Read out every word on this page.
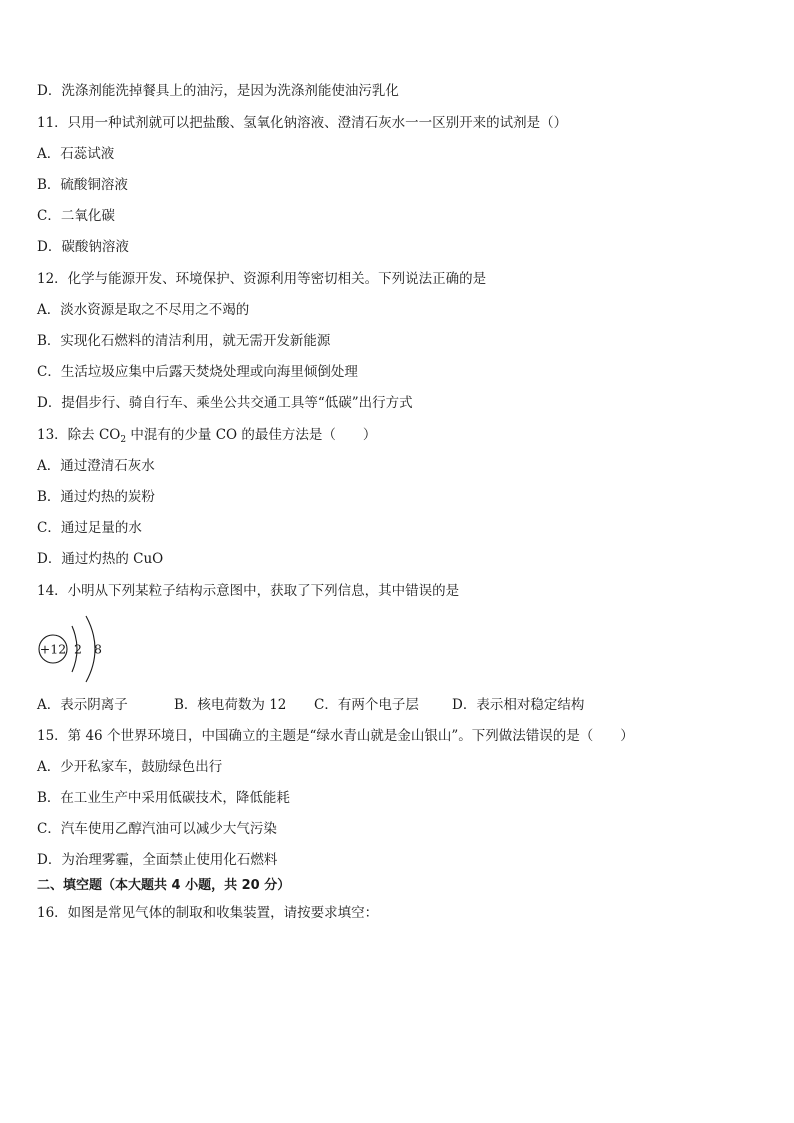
D．洗涤剂能洗掉餐具上的油污，是因为洗涤剂能使油污乳化
11．只用一种试剂就可以把盐酸、氢氧化钠溶液、澄清石灰水一一区别开来的试剂是（）
A．石蕊试液
B．硫酸铜溶液
C．二氧化碳
D．碳酸钠溶液
12．化学与能源开发、环境保护、资源利用等密切相关。下列说法正确的是
A．淡水资源是取之不尽用之不竭的
B．实现化石燃料的清洁利用，就无需开发新能源
C．生活垃圾应集中后露天焚烧处理或向海里倾倒处理
D．提倡步行、骑自行车、乘坐公共交通工具等“低碳”出行方式
13．除去 $CO_2$ 中混有的少量 CO 的最佳方法是（　　）
A．通过澄清石灰水
B．通过灼热的炭粉
C．通过足量的水
D．通过灼热的 CuO
14．小明从下列某粒子结构示意图中，获取了下列信息，其中错误的是
+12 2 8
A．表示阴离子	B．核电荷数为 12 C．有两个电子层 D．表示相对稳定结构
15．第 46 个世界环境日，中国确立的主题是“绿水青山就是金山银山”。下列做法错误的是（　　）
A．少开私家车，鼓励绿色出行
B．在工业生产中采用低碳技术，降低能耗
C．汽车使用乙醇汽油可以减少大气污染
D．为治理雾霾，全面禁止使用化石燃料
二、填空题（本大题共 4 小题，共 20 分）
16．如图是常见气体的制取和收集装置，请按要求填空：
